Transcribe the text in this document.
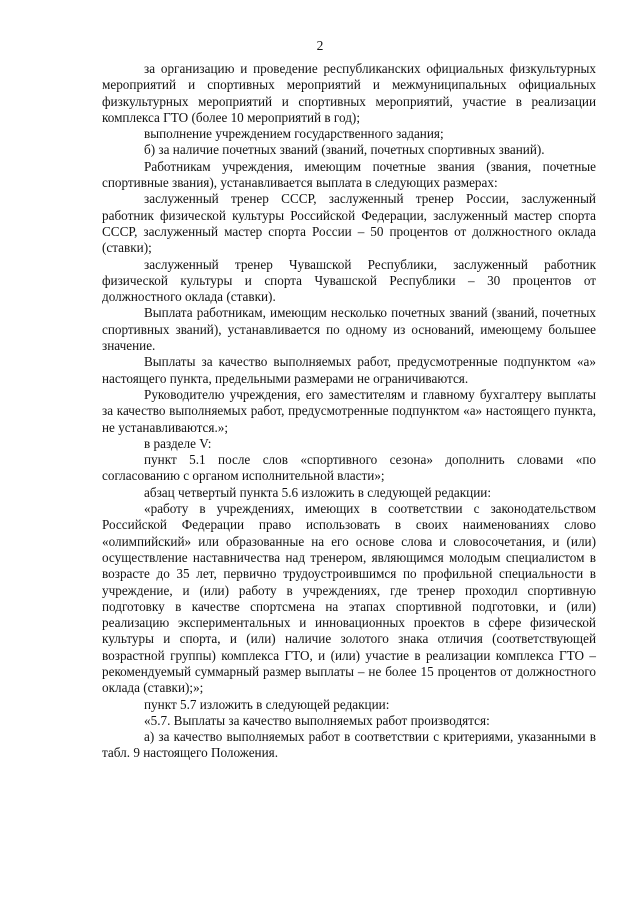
2

за организацию и проведение республиканских официальных физкультурных мероприятий и спортивных мероприятий и межмуниципальных официальных физкультурных мероприятий и спортивных мероприятий, участие в реализации комплекса ГТО (более 10 мероприятий в год);

выполнение учреждением государственного задания;

б) за наличие почетных званий (званий, почетных спортивных званий).

Работникам учреждения, имеющим почетные звания (звания, почетные спортивные звания), устанавливается выплата в следующих размерах:

заслуженный тренер СССР, заслуженный тренер России, заслуженный работник физической культуры Российской Федерации, заслуженный мастер спорта СССР, заслуженный мастер спорта России – 50 процентов от должностного оклада (ставки);

заслуженный тренер Чувашской Республики, заслуженный работник физической культуры и спорта Чувашской Республики – 30 процентов от должностного оклада (ставки).

Выплата работникам, имеющим несколько почетных званий (званий, почетных спортивных званий), устанавливается по одному из оснований, имеющему большее значение.

Выплаты за качество выполняемых работ, предусмотренные подпунктом «а» настоящего пункта, предельными размерами не ограничиваются.

Руководителю учреждения, его заместителям и главному бухгалтеру выплаты за качество выполняемых работ, предусмотренные подпунктом «а» настоящего пункта, не устанавливаются.»;

в разделе V:

пункт 5.1 после слов «спортивного сезона» дополнить словами «по согласованию с органом исполнительной власти»;

абзац четвертый пункта 5.6 изложить в следующей редакции:

«работу в учреждениях, имеющих в соответствии с законодательством Российской Федерации право использовать в своих наименованиях слово «олимпийский» или образованные на его основе слова и словосочетания, и (или) осуществление наставничества над тренером, являющимся молодым специалистом в возрасте до 35 лет, первично трудоустроившимся по профильной специальности в учреждение, и (или) работу в учреждениях, где тренер проходил спортивную подготовку в качестве спортсмена на этапах спортивной подготовки, и (или) реализацию экспериментальных и инновационных проектов в сфере физической культуры и спорта, и (или) наличие золотого знака отличия (соответствующей возрастной группы) комплекса ГТО, и (или) участие в реализации комплекса ГТО – рекомендуемый суммарный размер выплаты – не более 15 процентов от должностного оклада (ставки);»;

пункт 5.7 изложить в следующей редакции:

«5.7. Выплаты за качество выполняемых работ производятся:

а) за качество выполняемых работ в соответствии с критериями, указанными в табл. 9 настоящего Положения.
